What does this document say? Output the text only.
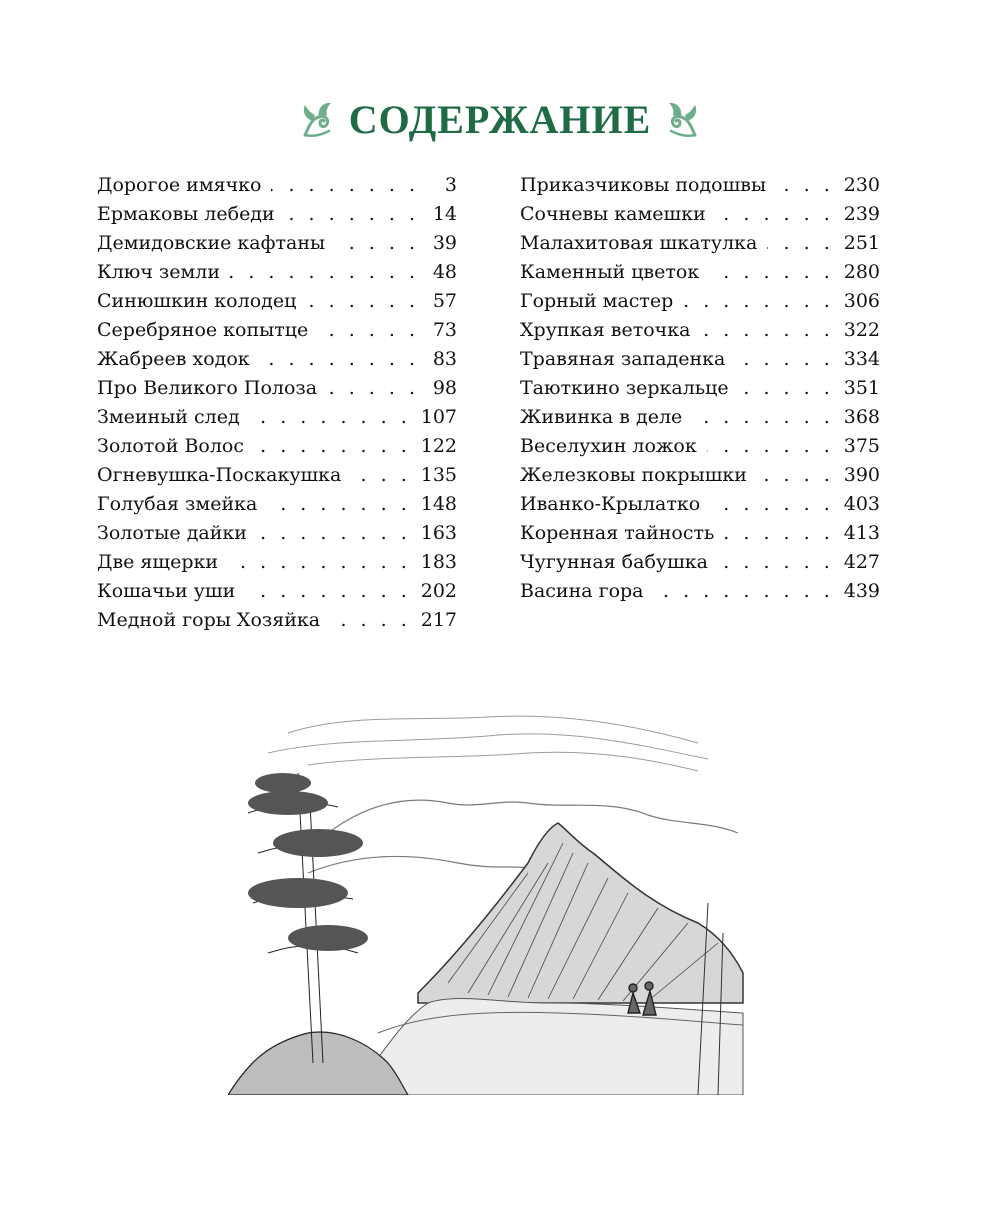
СОДЕРЖАНИЕ
Дорогое имячко . . .	3
Ермаковы лебеди . . .	14
Демидовские кафтаны . . .	39
Ключ земли . . .	48
Синюшкин колодец . . .	57
Серебряное копытце . . .	73
Жабреев ходок . . .	83
Про Великого Полоза . . .	98
Змеиный след . . .	107
Золотой Волос . . .	122
Огневушка-Поскакушка . . .	135
Голубая змейка . . .	148
Золотые дайки . . .	163
Две ящерки . . .	183
Кошачьи уши . . .	202
Медной горы Хозяйка . . .	217
Приказчиковы подошвы . . .	230
Сочневы камешки . . .	239
Малахитовая шкатулка . . .	251
Каменный цветок . . .	280
Горный мастер . . .	306
Хрупкая веточка . . .	322
Травяная западенка . . .	334
Таюткино зеркальце . . .	351
Живинка в деле . . .	368
Веселухин ложок . . .	375
Железковы покрышки . . .	390
Иванко-Крылатко . . .	403
Коренная тайность . . .	413
Чугунная бабушка . . .	427
Васина гора . . .	439
